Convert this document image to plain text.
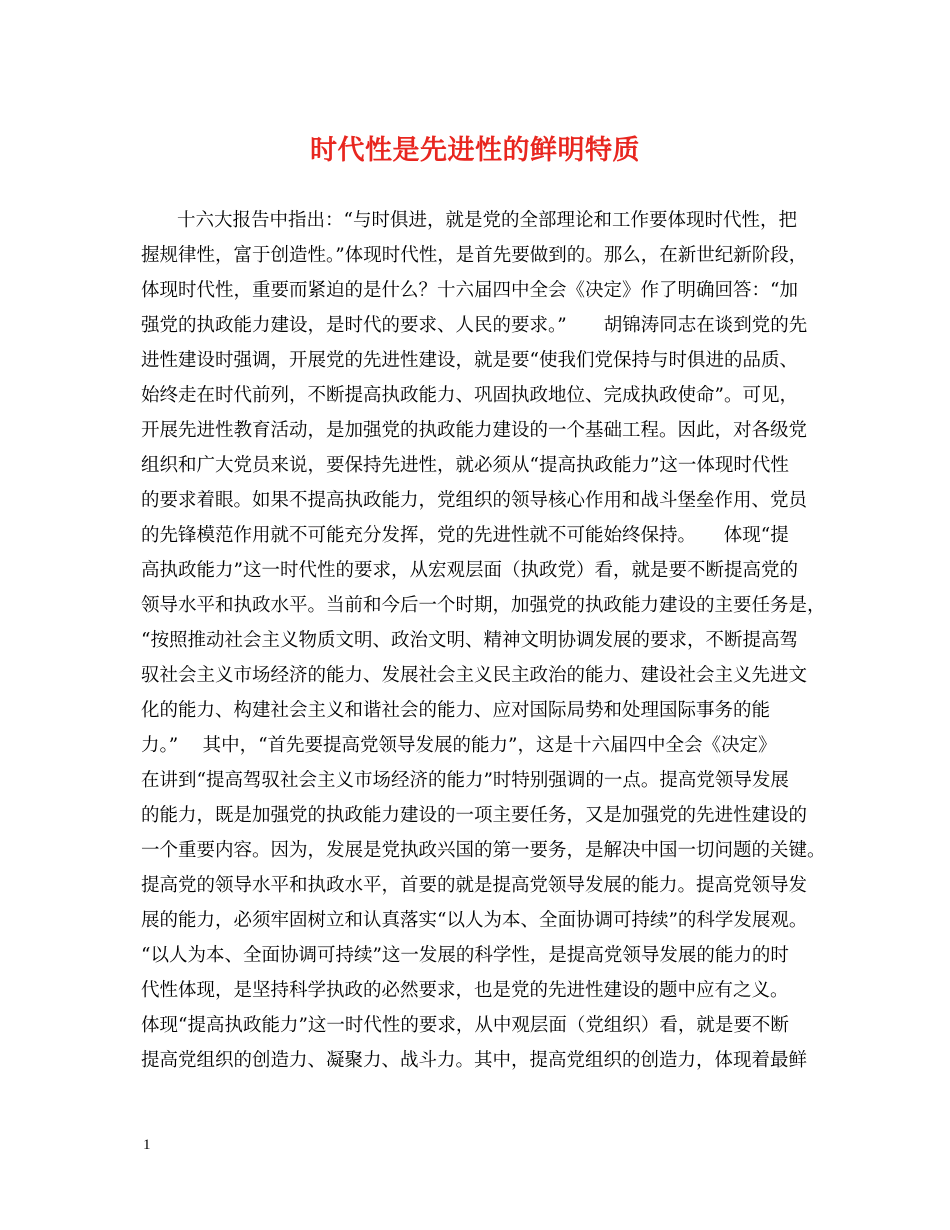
时代性是先进性的鲜明特质
十六大报告中指出：“与时俱进，就是党的全部理论和工作要体现时代性，把
握规律性，富于创造性。”体现时代性，是首先要做到的。那么，在新世纪新阶段，
体现时代性，重要而紧迫的是什么？十六届四中全会《决定》作了明确回答：“加
强党的执政能力建设，是时代的要求、人民的要求。”　　胡锦涛同志在谈到党的先
进性建设时强调，开展党的先进性建设，就是要“使我们党保持与时俱进的品质、
始终走在时代前列，不断提高执政能力、巩固执政地位、完成执政使命”。可见，
开展先进性教育活动，是加强党的执政能力建设的一个基础工程。因此，对各级党
组织和广大党员来说，要保持先进性，就必须从“提高执政能力”这一体现时代性
的要求着眼。如果不提高执政能力，党组织的领导核心作用和战斗堡垒作用、党员
的先锋模范作用就不可能充分发挥，党的先进性就不可能始终保持。　　体现“提
高执政能力”这一时代性的要求，从宏观层面（执政党）看，就是要不断提高党的
领导水平和执政水平。当前和今后一个时期，加强党的执政能力建设的主要任务是，
“按照推动社会主义物质文明、政治文明、精神文明协调发展的要求，不断提高驾
驭社会主义市场经济的能力、发展社会主义民主政治的能力、建设社会主义先进文
化的能力、构建社会主义和谐社会的能力、应对国际局势和处理国际事务的能
力。”　 其中，“首先要提高党领导发展的能力”，这是十六届四中全会《决定》
在讲到“提高驾驭社会主义市场经济的能力”时特别强调的一点。提高党领导发展
的能力，既是加强党的执政能力建设的一项主要任务，又是加强党的先进性建设的
一个重要内容。因为，发展是党执政兴国的第一要务，是解决中国一切问题的关键。
提高党的领导水平和执政水平，首要的就是提高党领导发展的能力。提高党领导发
展的能力，必须牢固树立和认真落实“以人为本、全面协调可持续”的科学发展观。
“以人为本、全面协调可持续”这一发展的科学性，是提高党领导发展的能力的时
代性体现，是坚持科学执政的必然要求，也是党的先进性建设的题中应有之义。
体现“提高执政能力”这一时代性的要求，从中观层面（党组织）看，就是要不断
提高党组织的创造力、凝聚力、战斗力。其中，提高党组织的创造力，体现着最鲜
1
